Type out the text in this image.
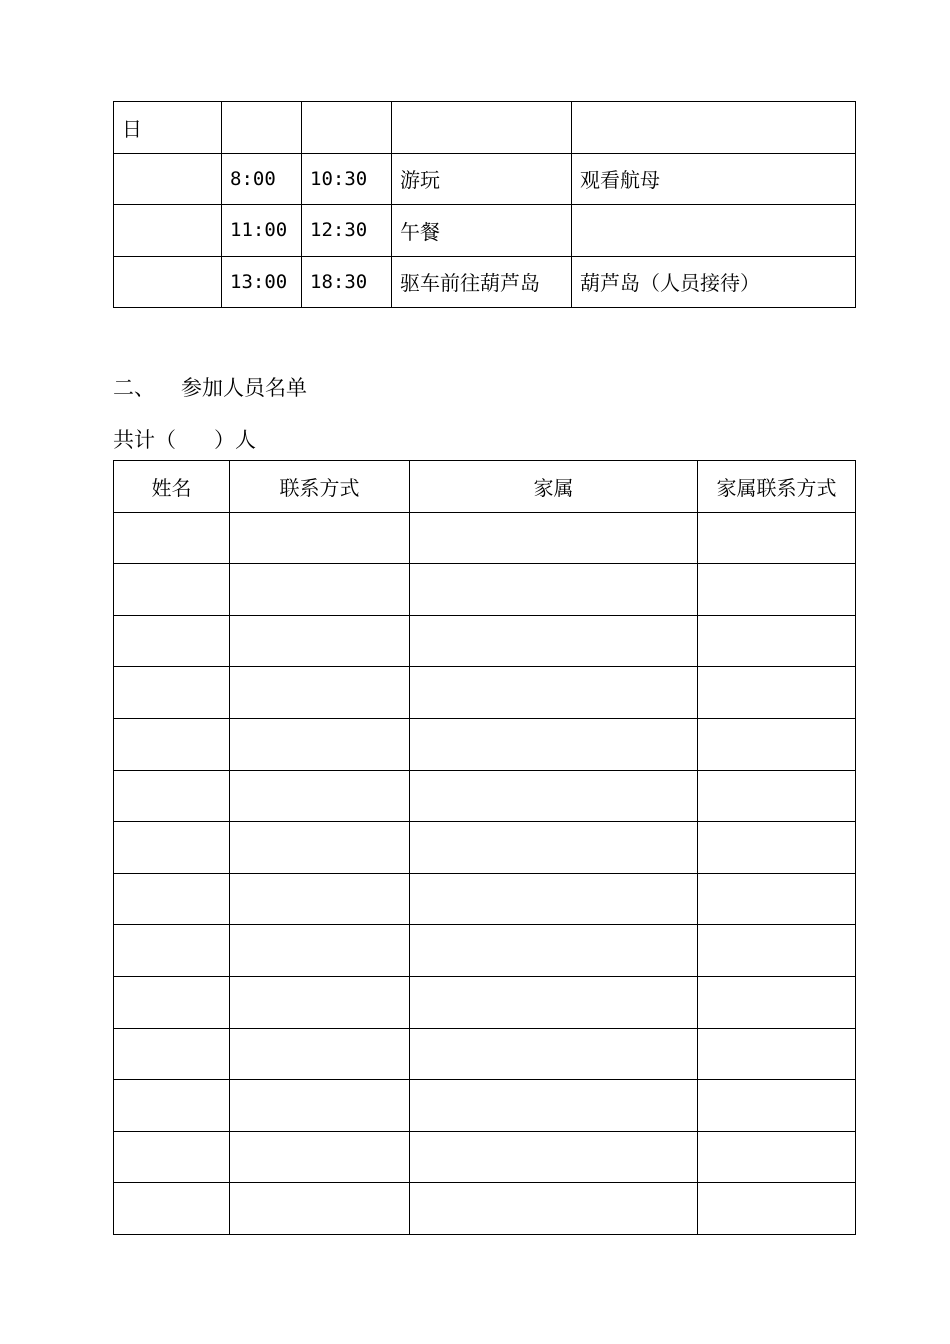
日				
	8:00	10:30	游玩	观看航母
	11:00	12:30	午餐	
	13:00	18:30	驱车前往葫芦岛	葫芦岛（人员接待）
二、 参加人员名单
共计（ ）人
姓名	联系方式	家属	家属联系方式
